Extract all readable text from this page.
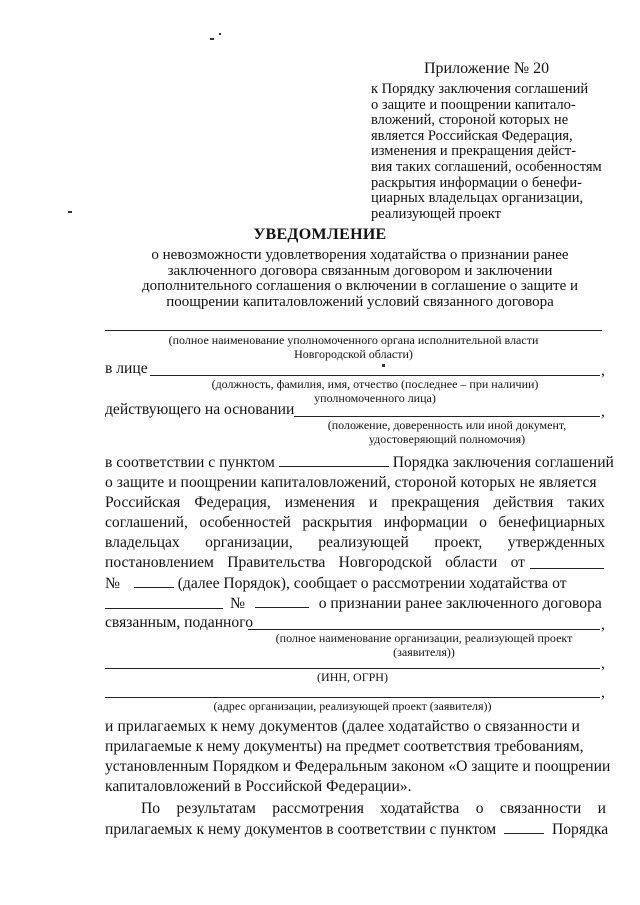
Приложение № 20
к Порядку заключения соглашений
о защите и поощрении капитало-
вложений, стороной которых не
является Российская Федерация,
изменения и прекращения дейст-
вия таких соглашений, особенностям
раскрытия информации о бенефи-
циарных владельцах организации,
реализующей проект
УВЕДОМЛЕНИЕ
о невозможности удовлетворения ходатайства о признании ранее
заключенного договора связанным договором и заключении
дополнительного соглашения о включении в соглашение о защите и
поощрении капиталовложений условий связанного договора
(полное наименование уполномоченного органа исполнительной власти
Новгородской области)
в лице	,
(должность, фамилия, имя, отчество (последнее – при наличии)
уполномоченного лица)
действующего на основании	,
(положение, доверенность или иной документ,
удостоверяющий полномочия)
в соответствии с пунктом	Порядка заключения соглашений
о защите и поощрении капиталовложений, стороной которых не является
Российская Федерация, изменения и прекращения действия таких
соглашений, особенностей раскрытия информации о бенефициарных
владельцах организации, реализующей проект, утвержденных
постановлением Правительства Новгородской области от
№	(далее Порядок), сообщает о рассмотрении ходатайства от
№	о признании ранее заключенного договора
связанным, поданного	,
(полное наименование организации, реализующей проект
(заявителя))
,
(ИНН, ОГРН)
,
(адрес организации, реализующей проект (заявителя))
и прилагаемых к нему документов (далее ходатайство о связанности и
прилагаемые к нему документы) на предмет соответствия требованиям,
установленным Порядком и Федеральным законом «О защите и поощрении
капиталовложений в Российской Федерации».
По результатам рассмотрения ходатайства о связанности и
прилагаемых к нему документов в соответствии с пунктом	Порядка
